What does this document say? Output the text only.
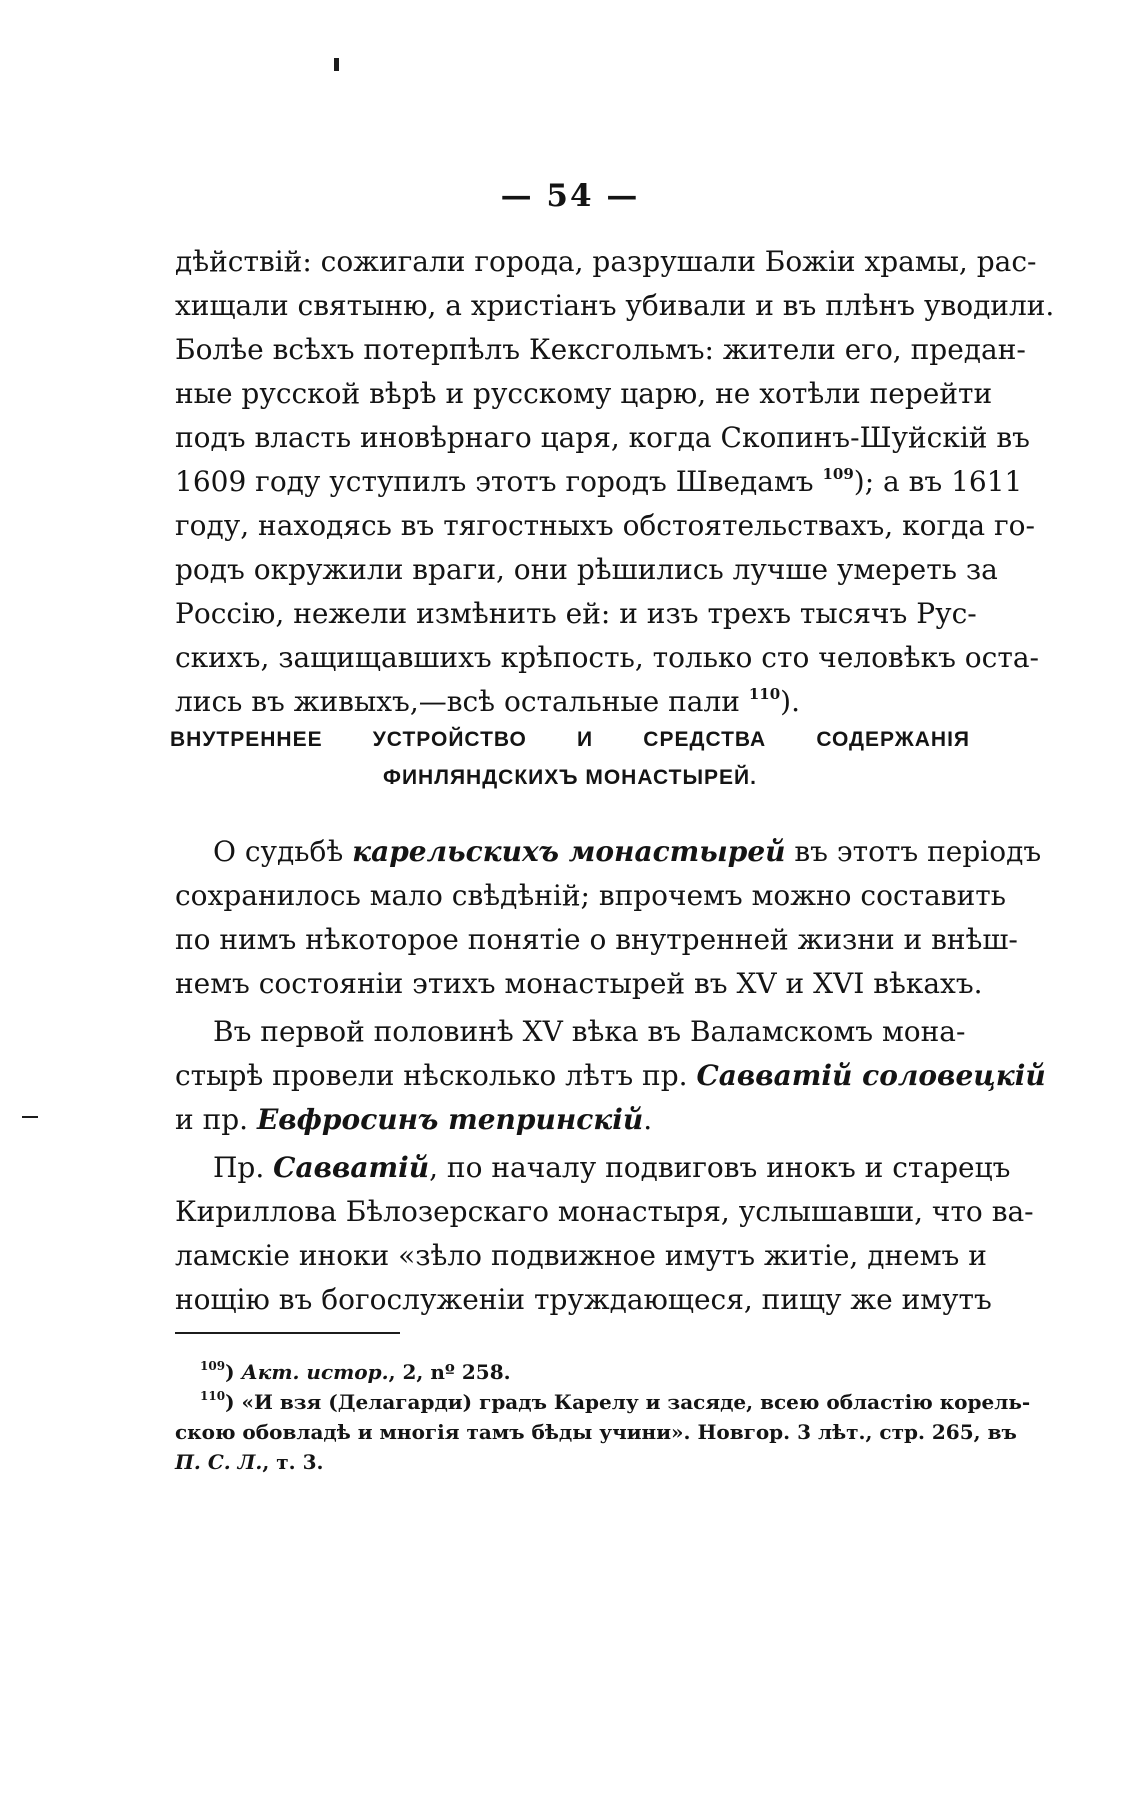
— 54 —
дѣйствій: сожигали города, разрушали Божіи храмы, рас-
хищали святыню, а христіанъ убивали и въ плѣнъ уводили.
Болѣе всѣхъ потерпѣлъ Кексгольмъ: жители его, предан-
ные русской вѣрѣ и русскому царю, не хотѣли перейти
подъ власть иновѣрнаго царя, когда Скопинъ-Шуйскій въ
1609 году уступилъ этотъ городъ Шведамъ $^{109}$); а въ 1611
году, находясь въ тягостныхъ обстоятельствахъ, когда го-
родъ окружили враги, они рѣшились лучше умереть за
Россію, нежели измѣнить ей: и изъ трехъ тысячъ Рус-
скихъ, защищавшихъ крѣпость, только сто человѣкъ оста-
лись въ живыхъ,—всѣ остальные пали $^{110}$).
ВНУТРЕННЕЕ УСТРОЙСТВО И СРЕДСТВА СОДЕРЖАНІЯ
ФИНЛЯНДСКИХЪ МОНАСТЫРЕЙ.
О судьбѣ карельскихъ монастырей въ этотъ періодъ
сохранилось мало свѣдѣній; впрочемъ можно составить
по нимъ нѣкоторое понятіе о внутренней жизни и внѣш-
немъ состояніи этихъ монастырей въ XV и XVI вѣкахъ.
Въ первой половинѣ XV вѣка въ Валамскомъ мона-
стырѣ провели нѣсколько лѣтъ пр. Савватій соловецкій
и пр. Евфросинъ тепринскій.
Пр. Савватій, по началу подвиговъ инокъ и старецъ
Кириллова Бѣлозерскаго монастыря, услышавши, что ва-
ламскіе иноки «зѣло подвижное имутъ житіе, днемъ и
нощію въ богослуженіи труждающеся, пищу же имутъ
$^{109}$) Акт. истор., 2, nº 258.
$^{110}$) «И взя (Делагарди) градъ Карелу и засяде, всею областію корель-
скою обовладѣ и многія тамъ бѣды учини». Новгор. 3 лѣт., стр. 265, въ
П. С. Л., т. 3.
